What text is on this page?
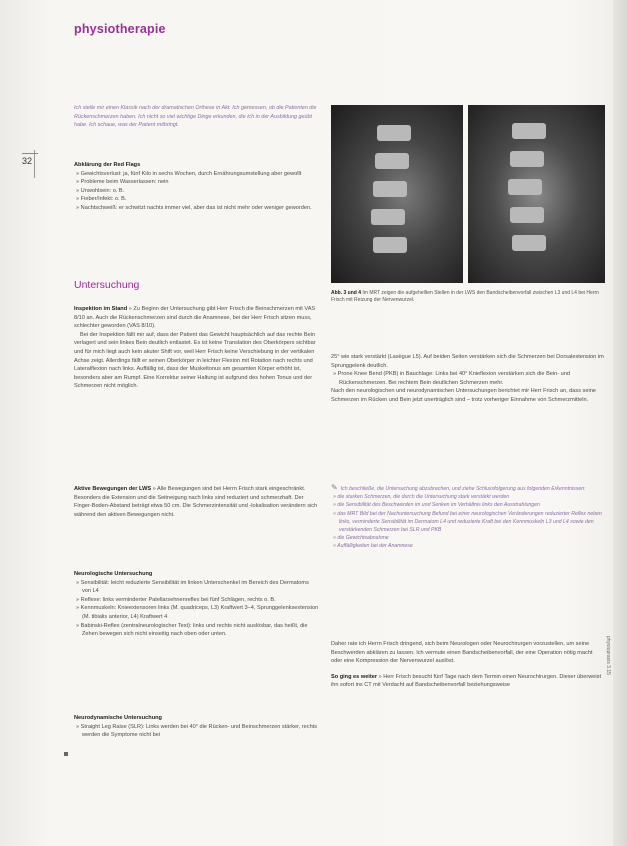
physiotherapie
32
Ich stelle mir einen Klassik nach der dramatischen Orthese in Akt. Ich gemessen, ob die Patienten die Rückenschmerzen haben. Ich nicht so viel wichtige Dinge erkunden, die ich in der Ausbildung geübt habe. Ich schaue, was der Patient mitbringt.
Abklärung der Red Flags
» Gewichtsverlust: ja, fünf Kilo in sechs Wochen, durch Ernährungsumstellung aber gewollt
» Probleme beim Wasserlassen: nein
» Unwohlsein: o. B.
» Fieber/Infekt: o. B.
» Nachtschweiß: er schwitzt nachts immer viel, aber das ist nicht mehr oder weniger geworden.
Untersuchung
Inspektion im Stand » Zu Beginn der Untersuchung gibt Herr Frisch die Beinschmerzen mit VAS 8/10 an. Auch die Rückenschmerzen sind durch die Anamnese, bei der Herr Frisch sitzen muss, schlechter geworden (VAS 8/10).
Bei der Inspektion fällt mir auf, dass der Patient das Gewicht hauptsächlich auf das rechte Bein verlagert und sein linkes Bein deutlich entlastet. Es ist keine Translation des Oberkörpers sichtbar und für mich liegt auch kein akuter Shift vor, weil Herr Frisch keine Verschiebung in der vertikalen Achse zeigt. Allerdings fällt er seinen Oberkörper in leichter Flexion mit Rotation nach rechts und Lateralflexion nach links. Auffällig ist, dass der Muskeltonus am gesamten Körper erhöht ist, besonders aber am Rumpf. Eine Korrektur seiner Haltung ist aufgrund des hohen Tonus und der Schmerzen nicht möglich.
Aktive Bewegungen der LWS » Alle Bewegungen sind bei Herrn Frisch stark eingeschränkt. Besonders die Extension und die Seitneigung nach links sind reduziert und schmerzhaft. Der Finger-Boden-Abstand beträgt etwa 50 cm. Die Schmerzintensität und -lokalisation verändern sich während den aktiven Bewegungen nicht.
Neurologische Untersuchung
» Sensibilität: leicht reduzierte Sensibilität im linken Unterschenkel im Bereich des Dermatoms von L4
» Reflexe: links verminderter Patellarsehnenreflex bei fünf Schlägen, rechts o. B.
» Kennmuskeln: Knieextensoren links (M. quadriceps, L3) Kraftwert 3–4, Sprunggelenksextension (M. tibialis anterior, L4) Kraftwert 4
» Babinski-Reflex (zentralneurologischer Test): links und rechts nicht auslösbar, das heißt, die Zehen bewegen sich nicht einseitig nach oben oder unten.
Neurodynamische Untersuchung
» Straight Leg Raise (SLR): Links werden bei 40° die Rücken- und Beinschmerzen stärker, rechts werden die Symptome nicht bei
Abb. 3 und 4 Im MRT zeigen die aufgehellten Stellen in der LWS den Bandscheibenvorfall zwischen L3 und L4 bei Herrn Frisch mit Reizung der Nervenwurzel.
25° wie stark verstärkt (Lasègue L5). Auf beiden Seiten verstärken sich die Schmerzen bei Dorsalextension im Sprunggelenk deutlich.
» Prone Knee Bend (PKB) in Bauchlage: Links bei 40° Knieflexion verstärken sich die Bein- und Rückenschmerzen. Bei rechtem Bein deutlichen Schmerzen mehr.
Nach den neurologischen und neurodynamischen Untersuchungen berichtet mir Herr Frisch an, dass seine Schmerzen im Rücken und Bein jetzt unerträglich sind – trotz vorheriger Einnahme von Schmerzmitteln.
✎ Ich beschließe, die Untersuchung abzubrechen, und ziehe Schlussfolgerung aus folgenden Erkenntnissen:
» die starken Schmerzen, die durch die Untersuchung stark verstärkt werden
» die Sensibilität des Beschwerden im und Senken im Verhältnis links den Ausstrahlungen
» das MRT Bild bei der Nachuntersuchung Befund bei einer neurologischen Veränderungen reduzierter Reflex neben links, verminderte Sensibilität im Dermatom L4 und reduzierte Kraft bei den Kennmuskeln L3 und L4 sowie den verstärkenden Schmerzen bei SLR und PKB
» die Gewichtsabnahme
» Auffälligkeiten bei der Anamnese
Daher rate ich Herrn Frisch dringend, sich beim Neurologen oder Neurochirurgen vorzustellen, um seine Beschwerden abklären zu lassen. Ich vermute einen Bandscheibenvorfall, der eine Operation nötig macht oder eine Kompression der Nervenwurzel auslöst.
So ging es weiter » Herr Frisch besucht fünf Tage nach dem Termin einen Neurochirurgen. Dieser überweist ihn sofort ins CT mit Verdacht auf Bandscheibenvorfall beziehungsweise
physiopraxis 3.15
